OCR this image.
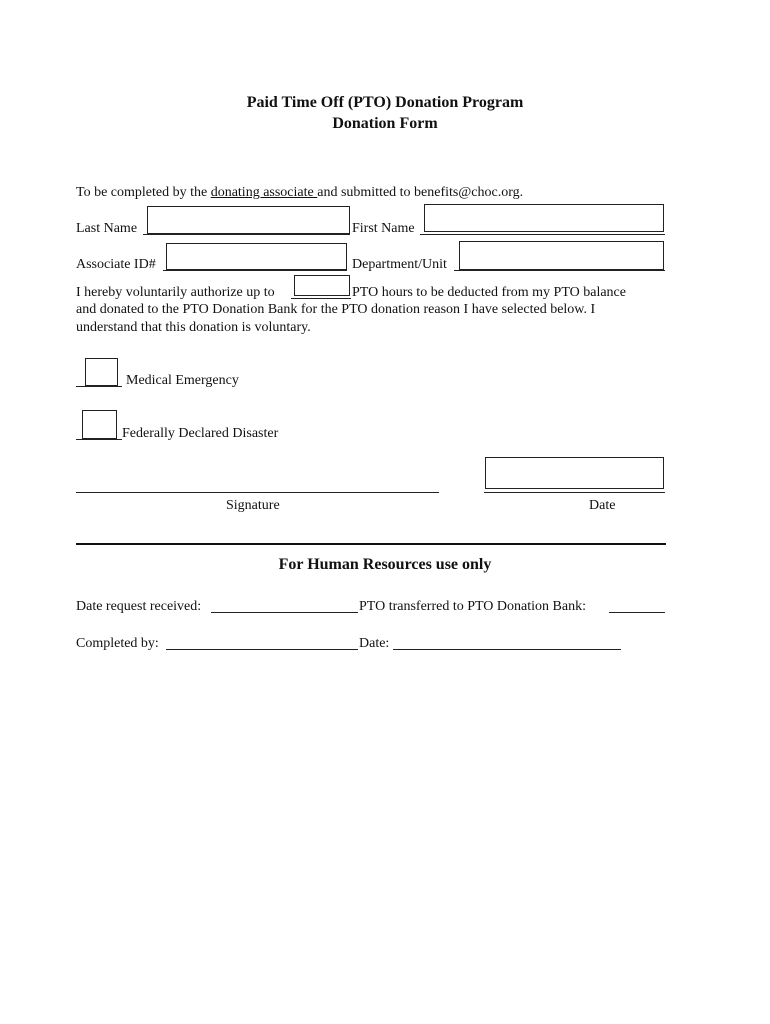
Paid Time Off (PTO) Donation Program
Donation Form
To be completed by the donating associate and submitted to benefits@choc.org.
Last Name	First Name
Associate ID#	Department/Unit
I hereby voluntarily authorize up to	PTO hours to be deducted from my PTO balance
and donated to the PTO Donation Bank for the PTO donation reason I have selected below. I
understand that this donation is voluntary.
Medical Emergency
Federally Declared Disaster
Signature	Date
For Human Resources use only
Date request received:	PTO transferred to PTO Donation Bank:
Completed by:	Date:
